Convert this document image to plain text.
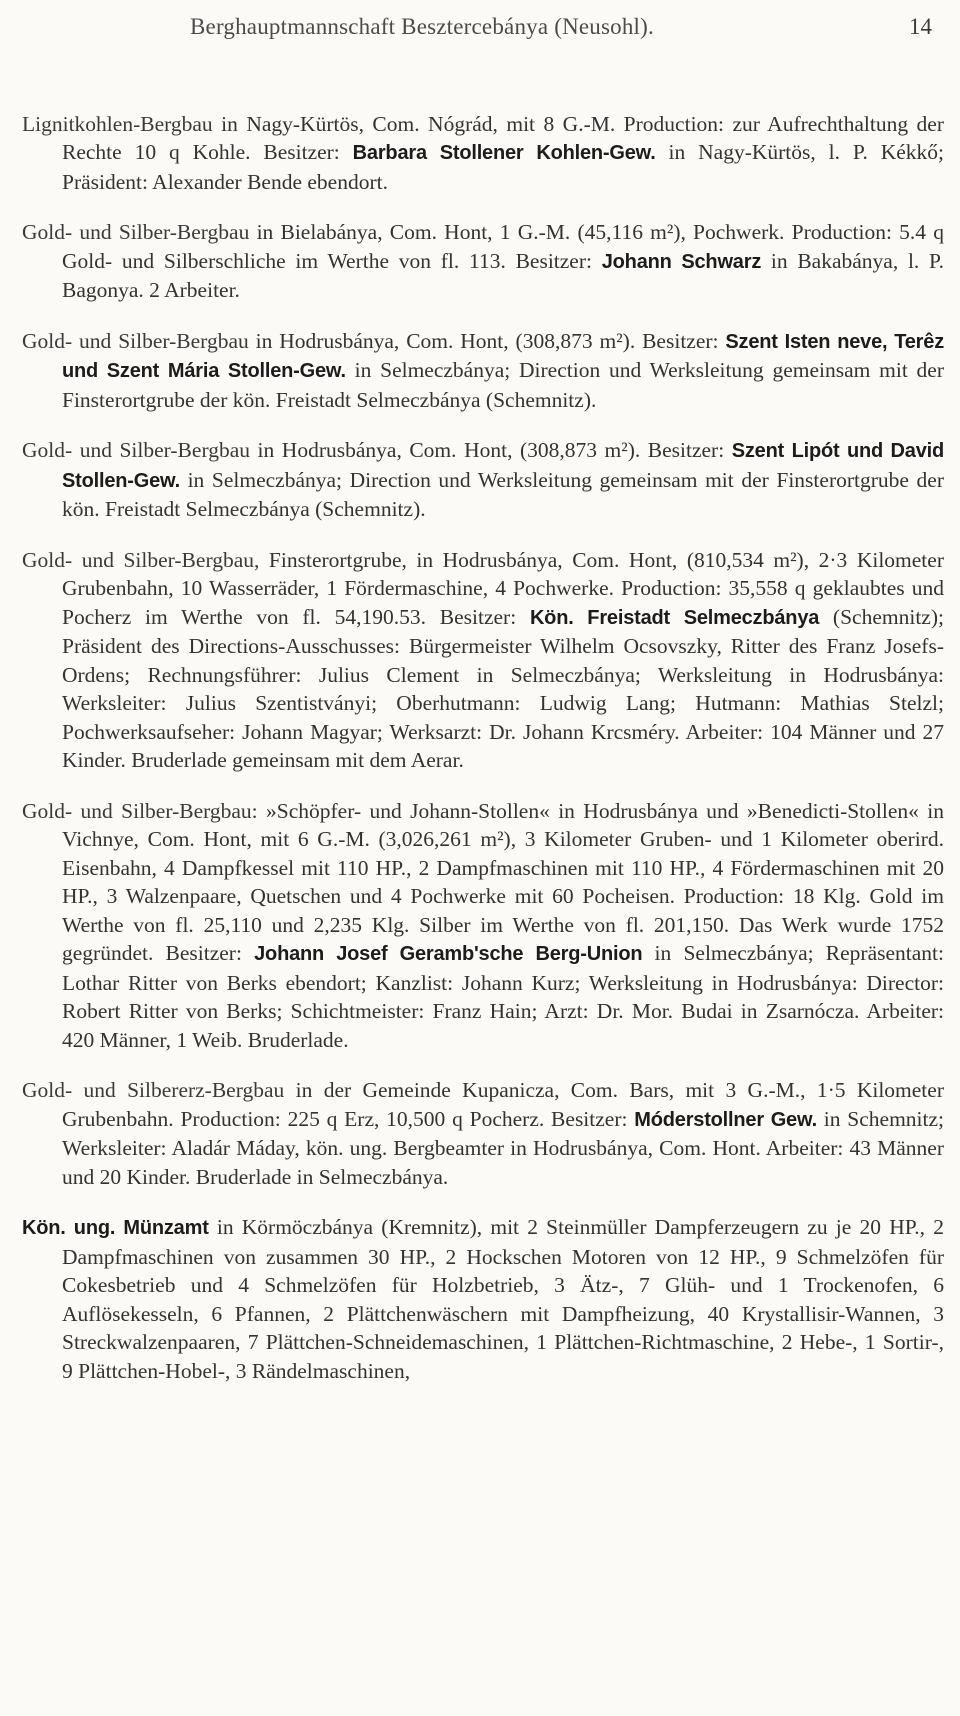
Berghauptmannschaft Besztercebánya (Neusohl).	14

Lignitkohlen-Bergbau in Nagy-Kürtös, Com. Nógrád, mit 8 G.-M. Production: zur Aufrechthaltung der Rechte 10 q Kohle. Besitzer: Barbara Stollener Kohlen-Gew. in Nagy-Kürtös, l. P. Kékkő; Präsident: Alexander Bende ebendort.

Gold- und Silber-Bergbau in Bielabánya, Com. Hont, 1 G.-M. (45,116 m²), Pochwerk. Production: 5.4 q Gold- und Silberschliche im Werthe von fl. 113. Besitzer: Johann Schwarz in Bakabánya, l. P. Bagonya. 2 Arbeiter.

Gold- und Silber-Bergbau in Hodrusbánya, Com. Hont, (308,873 m²). Besitzer: Szent Isten neve, Terêz und Szent Mária Stollen-Gew. in Selmeczbánya; Direction und Werksleitung gemeinsam mit der Finsterortgrube der kön. Freistadt Selmeczbánya (Schemnitz).

Gold- und Silber-Bergbau in Hodrusbánya, Com. Hont, (308,873 m²). Besitzer: Szent Lipót und David Stollen-Gew. in Selmeczbánya; Direction und Werksleitung gemeinsam mit der Finsterortgrube der kön. Freistadt Selmeczbánya (Schemnitz).

Gold- und Silber-Bergbau, Finsterortgrube, in Hodrusbánya, Com. Hont, (810,534 m²), 2·3 Kilometer Grubenbahn, 10 Wasserräder, 1 Fördermaschine, 4 Pochwerke. Production: 35,558 q geklaubtes und Pocherz im Werthe von fl. 54,190.53. Besitzer: Kön. Freistadt Selmeczbánya (Schemnitz); Präsident des Directions-Ausschusses: Bürgermeister Wilhelm Ocsovszky, Ritter des Franz Josefs-Ordens; Rechnungsführer: Julius Clement in Selmeczbánya; Werksleitung in Hodrusbánya: Werksleiter: Julius Szentistványi; Oberhutmann: Ludwig Lang; Hutmann: Mathias Stelzl; Pochwerksaufseher: Johann Magyar; Werksarzt: Dr. Johann Krcsméry. Arbeiter: 104 Männer und 27 Kinder. Bruderlade gemeinsam mit dem Aerar.

Gold- und Silber-Bergbau: »Schöpfer- und Johann-Stollen« in Hodrusbánya und »Benedicti-Stollen« in Vichnye, Com. Hont, mit 6 G.-M. (3,026,261 m²), 3 Kilometer Gruben- und 1 Kilometer oberird. Eisenbahn, 4 Dampfkessel mit 110 HP., 2 Dampfmaschinen mit 110 HP., 4 Fördermaschinen mit 20 HP., 3 Walzenpaare, Quetschen und 4 Pochwerke mit 60 Pocheisen. Production: 18 Klg. Gold im Werthe von fl. 25,110 und 2,235 Klg. Silber im Werthe von fl. 201,150. Das Werk wurde 1752 gegründet. Besitzer: Johann Josef Geramb'sche Berg-Union in Selmeczbánya; Repräsentant: Lothar Ritter von Berks ebendort; Kanzlist: Johann Kurz; Werksleitung in Hodrusbánya: Director: Robert Ritter von Berks; Schichtmeister: Franz Hain; Arzt: Dr. Mor. Budai in Zsarnócza. Arbeiter: 420 Männer, 1 Weib. Bruderlade.

Gold- und Silbererz-Bergbau in der Gemeinde Kupanicza, Com. Bars, mit 3 G.-M., 1·5 Kilometer Grubenbahn. Production: 225 q Erz, 10,500 q Pocherz. Besitzer: Móderstollner Gew. in Schemnitz; Werksleiter: Aladár Máday, kön. ung. Bergbeamter in Hodrusbánya, Com. Hont. Arbeiter: 43 Männer und 20 Kinder. Bruderlade in Selmeczbánya.

Kön. ung. Münzamt in Körmöczbánya (Kremnitz), mit 2 Steinmüller Dampferzeugern zu je 20 HP., 2 Dampfmaschinen von zusammen 30 HP., 2 Hockschen Motoren von 12 HP., 9 Schmelzöfen für Cokesbetrieb und 4 Schmelzöfen für Holzbetrieb, 3 Ätz-, 7 Glüh- und 1 Trockenofen, 6 Auflösekesseln, 6 Pfannen, 2 Plättchenwäschern mit Dampfheizung, 40 Krystallisir-Wannen, 3 Streckwalzenpaaren, 7 Plättchen-Schneidemaschinen, 1 Plättchen-Richtmaschine, 2 Hebe-, 1 Sortir-, 9 Plättchen-Hobel-, 3 Rändelmaschinen,
